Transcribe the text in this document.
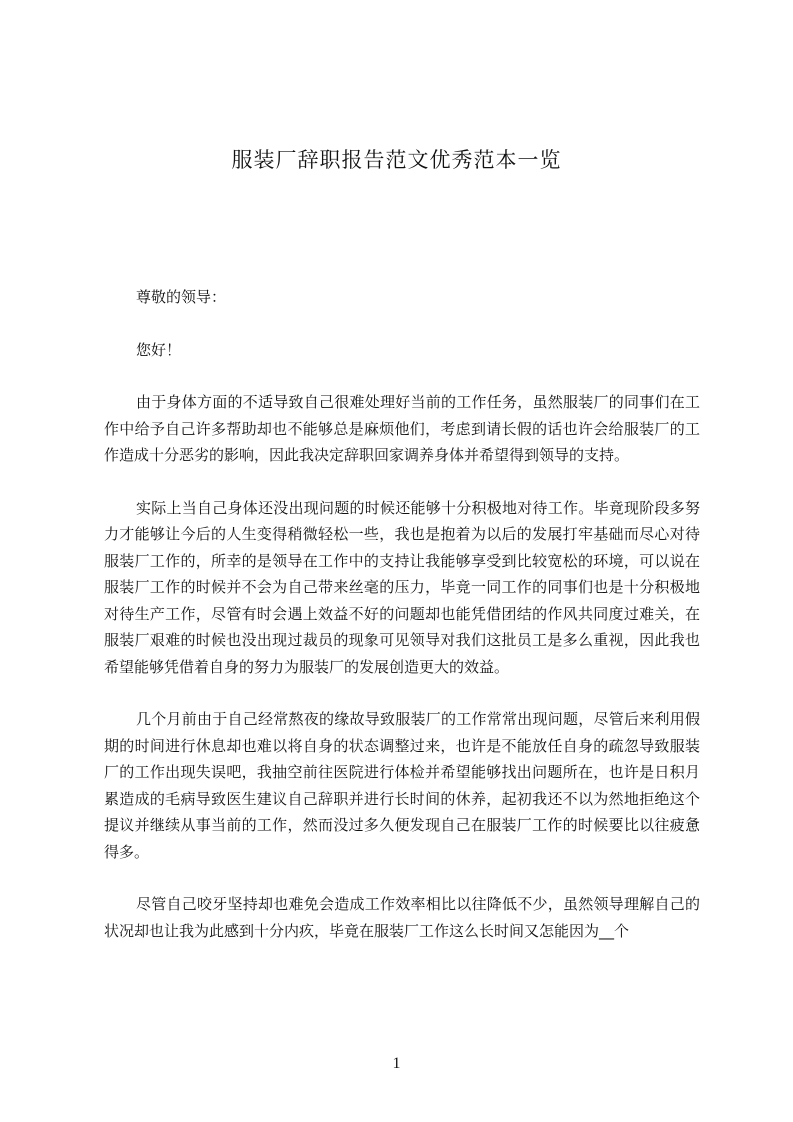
服装厂辞职报告范文优秀范本一览

尊敬的领导：

您好！

由于身体方面的不适导致自己很难处理好当前的工作任务，虽然服装厂的同事们在工作中给予自己许多帮助却也不能够总是麻烦他们，考虑到请长假的话也许会给服装厂的工作造成十分恶劣的影响，因此我决定辞职回家调养身体并希望得到领导的支持。

实际上当自己身体还没出现问题的时候还能够十分积极地对待工作。毕竟现阶段多努力才能够让今后的人生变得稍微轻松一些，我也是抱着为以后的发展打牢基础而尽心对待服装厂工作的，所幸的是领导在工作中的支持让我能够享受到比较宽松的环境，可以说在服装厂工作的时候并不会为自己带来丝毫的压力，毕竟一同工作的同事们也是十分积极地对待生产工作，尽管有时会遇上效益不好的问题却也能凭借团结的作风共同度过难关，在服装厂艰难的时候也没出现过裁员的现象可见领导对我们这批员工是多么重视，因此我也希望能够凭借着自身的努力为服装厂的发展创造更大的效益。

几个月前由于自己经常熬夜的缘故导致服装厂的工作常常出现问题，尽管后来利用假期的时间进行休息却也难以将自身的状态调整过来，也许是不能放任自身的疏忽导致服装厂的工作出现失误吧，我抽空前往医院进行体检并希望能够找出问题所在，也许是日积月累造成的毛病导致医生建议自己辞职并进行长时间的休养，起初我还不以为然地拒绝这个提议并继续从事当前的工作，然而没过多久便发现自己在服装厂工作的时候要比以往疲惫得多。

尽管自己咬牙坚持却也难免会造成工作效率相比以往降低不少，虽然领导理解自己的状况却也让我为此感到十分内疚，毕竟在服装厂工作这么长时间又怎能因为__个

1
